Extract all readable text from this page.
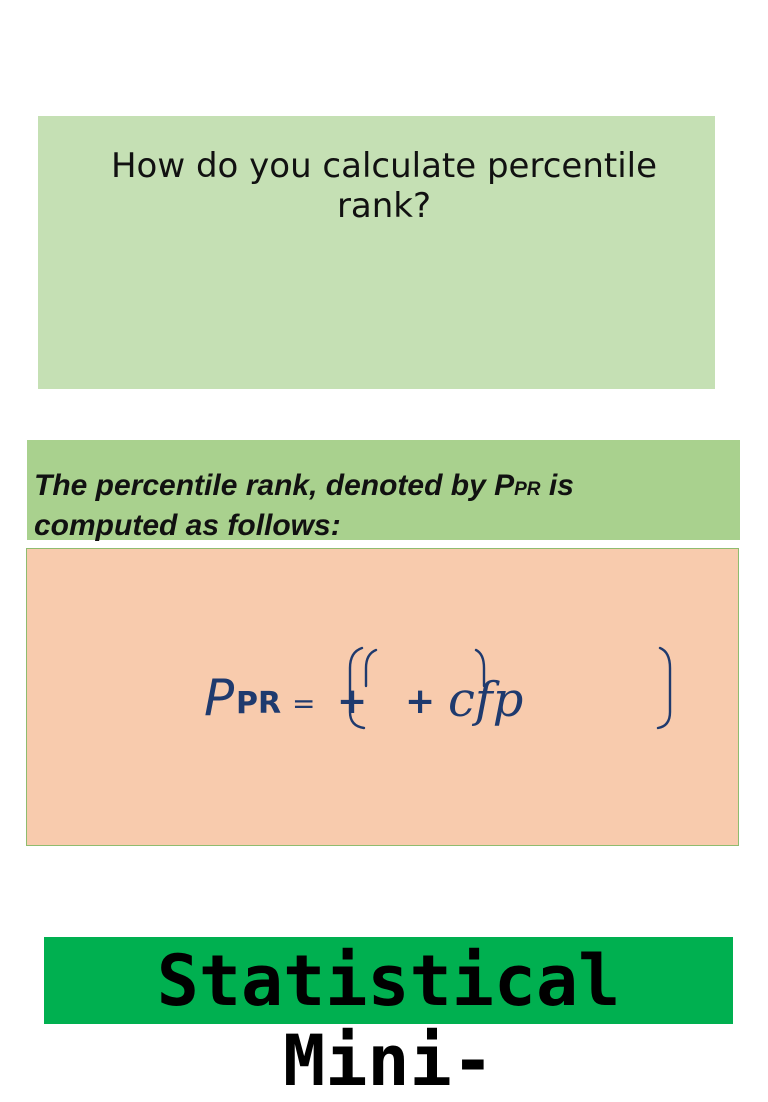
How do you calculate percentile rank?
The percentile rank, denoted by PPR is computed as follows:
P PR = + + cfp
Statistical Mini-
